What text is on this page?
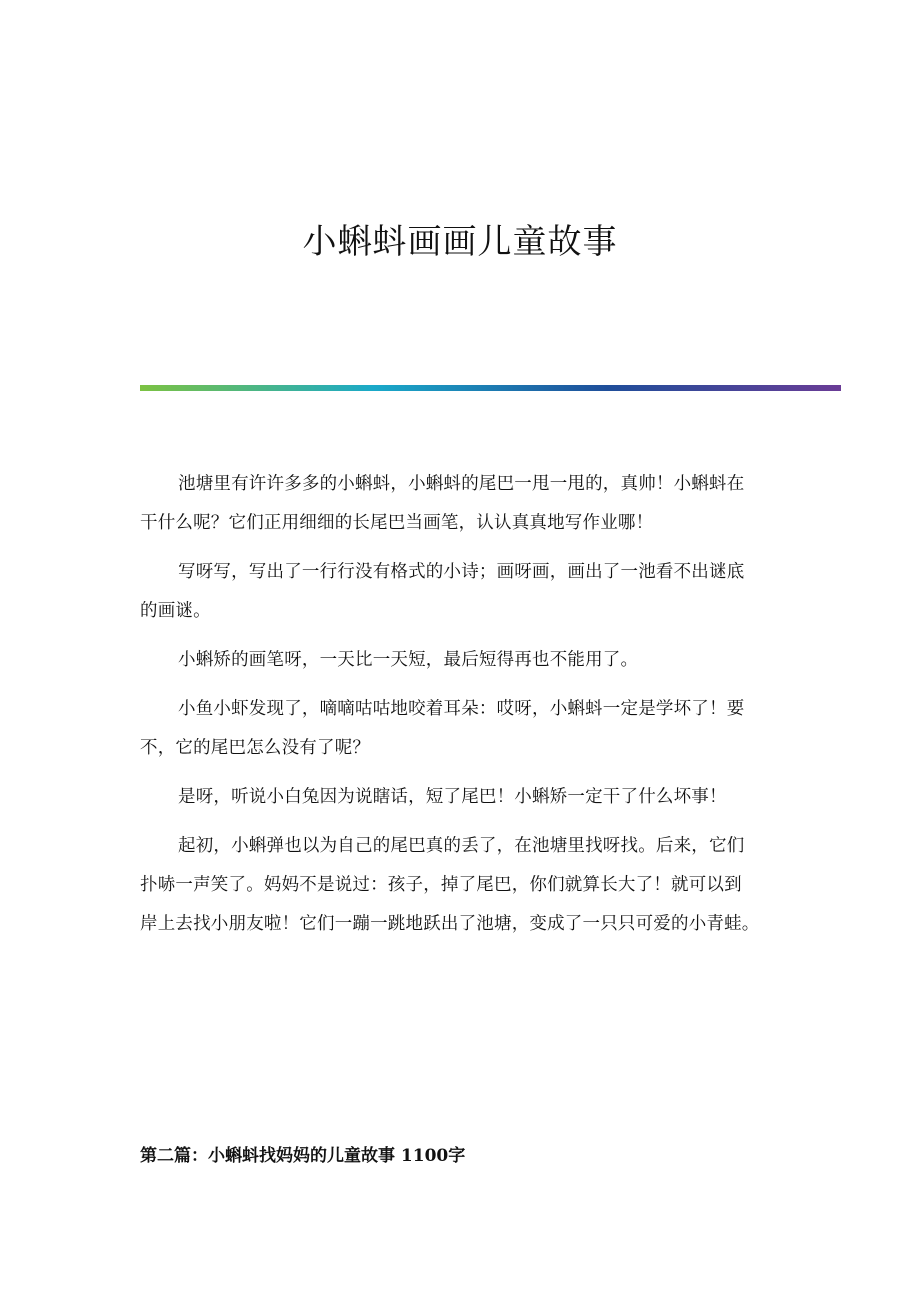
小蝌蚪画画儿童故事

池塘里有许许多多的小蝌蚪，小蝌蚪的尾巴一甩一甩的，真帅！小蝌蚪在
干什么呢？它们正用细细的长尾巴当画笔，认认真真地写作业哪！

写呀写，写出了一行行没有格式的小诗；画呀画，画出了一池看不出谜底
的画谜。

小蝌矫的画笔呀，一天比一天短，最后短得再也不能用了。

小鱼小虾发现了，嘀嘀咕咕地咬着耳朵：哎呀，小蝌蚪一定是学坏了！要
不，它的尾巴怎么没有了呢？

是呀，听说小白兔因为说瞎话，短了尾巴！小蝌矫一定干了什么坏事！

起初，小蝌弹也以为自己的尾巴真的丢了，在池塘里找呀找。后来，它们
扑哧一声笑了。妈妈不是说过：孩子，掉了尾巴，你们就算长大了！就可以到
岸上去找小朋友啦！它们一蹦一跳地跃出了池塘，变成了一只只可爱的小青蛙。

第二篇：小蝌蚪找妈妈的儿童故事 1100字
